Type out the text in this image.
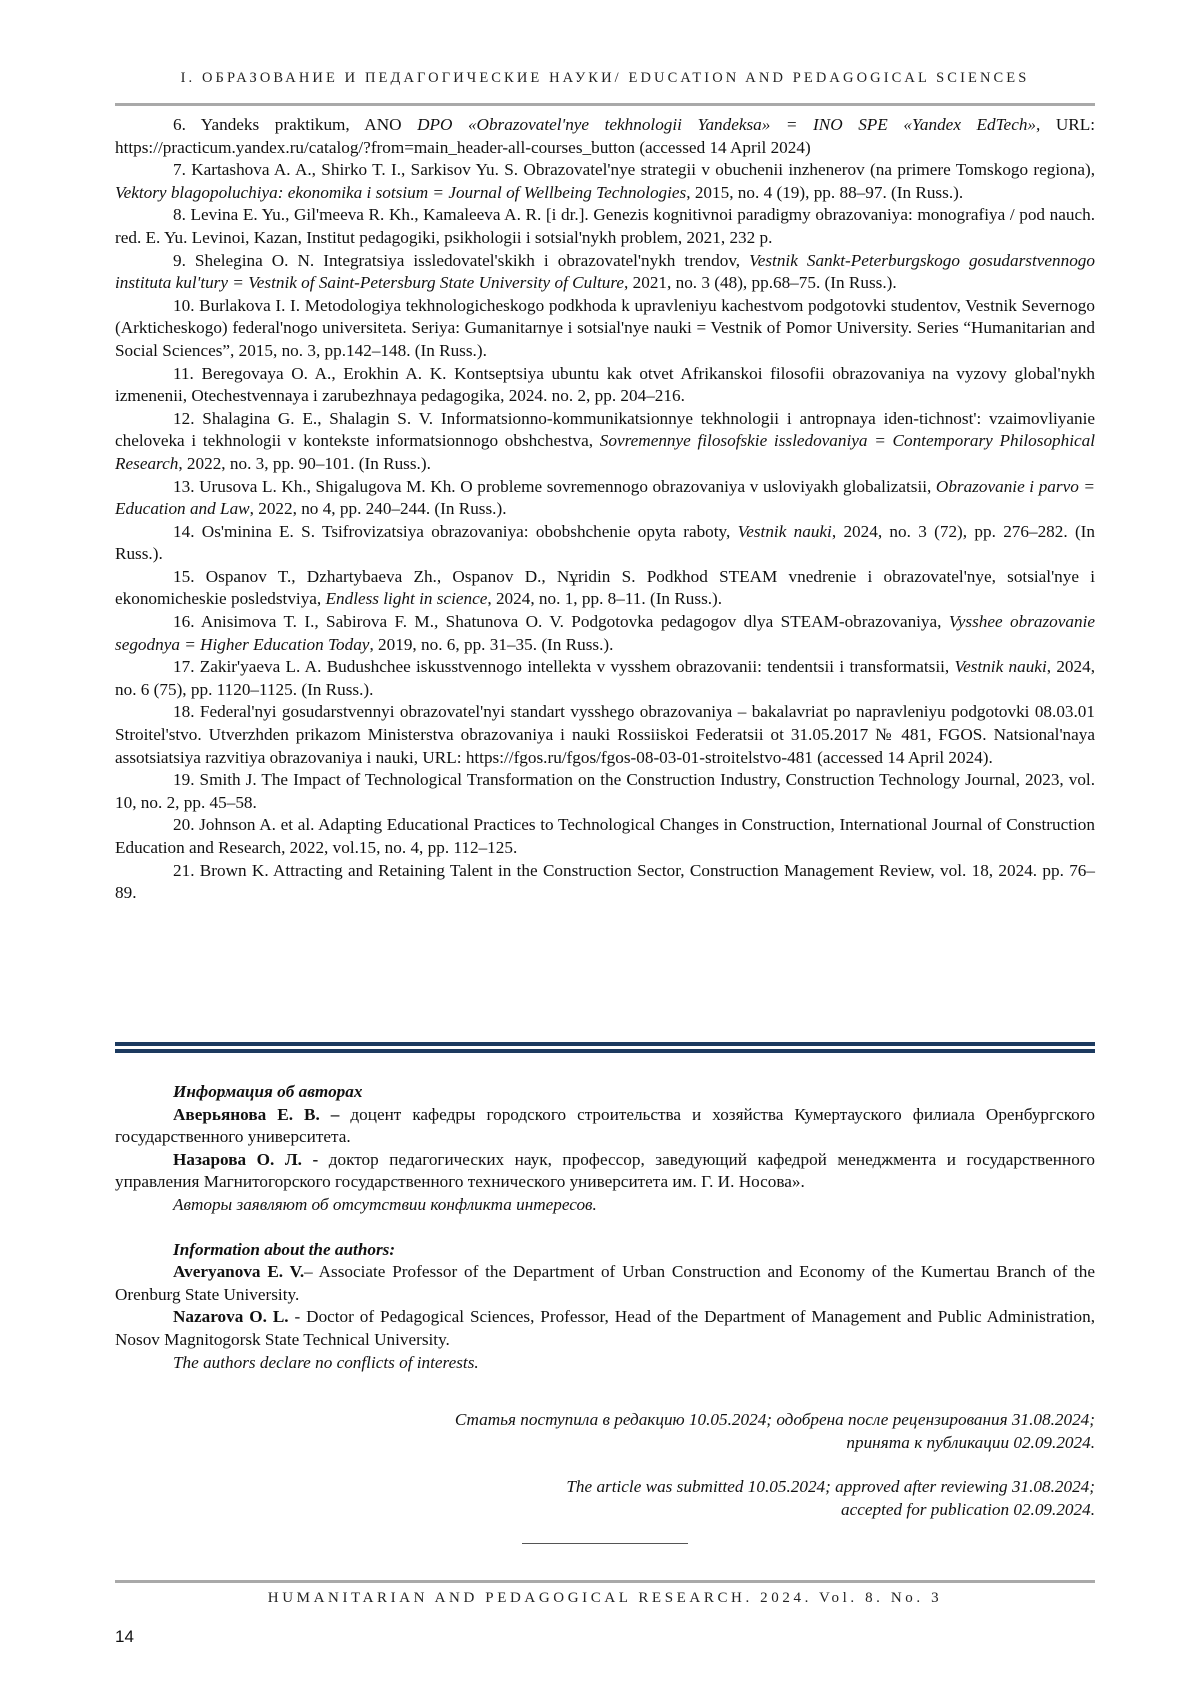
I. ОБРАЗОВАНИЕ И ПЕДАГОГИЧЕСКИЕ НАУКИ/ EDUCATION AND PEDAGOGICAL SCIENCES

6. Yandeks praktikum, ANO DPO «Obrazovatel'nye tekhnologii Yandeksa» = INO SPE «Yandex EdTech», URL: https://practicum.yandex.ru/catalog/?from=main_header-all-courses_button (accessed 14 April 2024)

7. Kartashova A. A., Shirko T. I., Sarkisov Yu. S. Obrazovatel'nye strategii v obuchenii inzhenerov (na primere Tomskogo regiona), Vektory blagopoluchiya: ekonomika i sotsium = Journal of Wellbeing Technologies, 2015, no. 4 (19), pp. 88–97. (In Russ.).

8. Levina E. Yu., Gil'meeva R. Kh., Kamaleeva A. R. [i dr.]. Genezis kognitivnoi paradigmy obrazovaniya: monografiya / pod nauch. red. E. Yu. Levinoi, Kazan, Institut pedagogiki, psikhologii i sotsial'nykh problem, 2021, 232 p.

9. Shelegina O. N. Integratsiya issledovatel'skikh i obrazovatel'nykh trendov, Vestnik Sankt-Peterburgskogo gosudarstvennogo instituta kul'tury = Vestnik of Saint-Petersburg State University of Culture, 2021, no. 3 (48), pp.68–75. (In Russ.).

10. Burlakova I. I. Metodologiya tekhnologicheskogo podkhoda k upravleniyu kachestvom podgotovki studentov, Vestnik Severnogo (Arkticheskogo) federal'nogo universiteta. Seriya: Gumanitarnye i sotsial'nye nauki = Vestnik of Pomor University. Series “Humanitarian and Social Sciences”, 2015, no. 3, pp.142–148. (In Russ.).

11. Beregovaya O. A., Erokhin A. K. Kontseptsiya ubuntu kak otvet Afrikanskoi filosofii obrazovaniya na vyzovy global'nykh izmenenii, Otechestvennaya i zarubezhnaya pedagogika, 2024. no. 2, pp. 204–216.

12. Shalagina G. E., Shalagin S. V. Informatsionno-kommunikatsionnye tekhnologii i antropnaya iden-tichnost': vzaimovliyanie cheloveka i tekhnologii v kontekste informatsionnogo obshchestva, Sovremennye filosofskie issledovaniya = Contemporary Philosophical Research, 2022, no. 3, pp. 90–101. (In Russ.).

13. Urusova L. Kh., Shigalugova M. Kh. O probleme sovremennogo obrazovaniya v usloviyakh globalizatsii, Obrazovanie i parvo = Education and Law, 2022, no 4, pp. 240–244. (In Russ.).

14. Os'minina E. S. Tsifrovizatsiya obrazovaniya: obobshchenie opyta raboty, Vestnik nauki, 2024, no. 3 (72), pp. 276–282. (In Russ.).

15. Ospanov T., Dzhartybaeva Zh., Ospanov D., Nұridin S. Podkhod STEAM vnedrenie i obrazovatel'nye, sotsial'nye i ekonomicheskie posledstviya, Endless light in science, 2024, no. 1, pp. 8–11. (In Russ.).

16. Anisimova T. I., Sabirova F. M., Shatunova O. V. Podgotovka pedagogov dlya STEAM-obrazovaniya, Vysshee obrazovanie segodnya = Higher Education Today, 2019, no. 6, pp. 31–35. (In Russ.).

17. Zakir'yaeva L. A. Budushchee iskusstvennogo intellekta v vysshem obrazovanii: tendentsii i transformatsii, Vestnik nauki, 2024, no. 6 (75), pp. 1120–1125. (In Russ.).

18. Federal'nyi gosudarstvennyi obrazovatel'nyi standart vysshego obrazovaniya – bakalavriat po napravleniyu podgotovki 08.03.01 Stroitel'stvo. Utverzhden prikazom Ministerstva obrazovaniya i nauki Rossiiskoi Federatsii ot 31.05.2017 № 481, FGOS. Natsional'naya assotsiatsiya razvitiya obrazovaniya i nauki, URL: https://fgos.ru/fgos/fgos-08-03-01-stroitelstvo-481 (accessed 14 April 2024).

19. Smith J. The Impact of Technological Transformation on the Construction Industry, Construction Technology Journal, 2023, vol. 10, no. 2, pp. 45–58.

20. Johnson A. et al. Adapting Educational Practices to Technological Changes in Construction, International Journal of Construction Education and Research, 2022, vol.15, no. 4, pp. 112–125.

21. Brown K. Attracting and Retaining Talent in the Construction Sector, Construction Management Review, vol. 18, 2024. pp. 76–89.

Информация об авторах

Аверьянова Е. В. – доцент кафедры городского строительства и хозяйства Кумертауского филиала Оренбургского государственного университета.

Назарова О. Л. - доктор педагогических наук, профессор, заведующий кафедрой менеджмента и государственного управления Магнитогорского государственного технического университета им. Г. И. Носова».

Авторы заявляют об отсутствии конфликта интересов.

Information about the authors:

Averyanova E. V.– Associate Professor of the Department of Urban Construction and Economy of the Kumertau Branch of the Orenburg State University.

Nazarova O. L. - Doctor of Pedagogical Sciences, Professor, Head of the Department of Management and Public Administration, Nosov Magnitogorsk State Technical University.

The authors declare no conflicts of interests.

Статья поступила в редакцию 10.05.2024; одобрена после рецензирования 31.08.2024;

принята к публикации 02.09.2024.

The article was submitted 10.05.2024; approved after reviewing 31.08.2024;

accepted for publication 02.09.2024.

HUMANITARIAN AND PEDAGOGICAL RESEARCH. 2024. Vol. 8. No. 3
14
